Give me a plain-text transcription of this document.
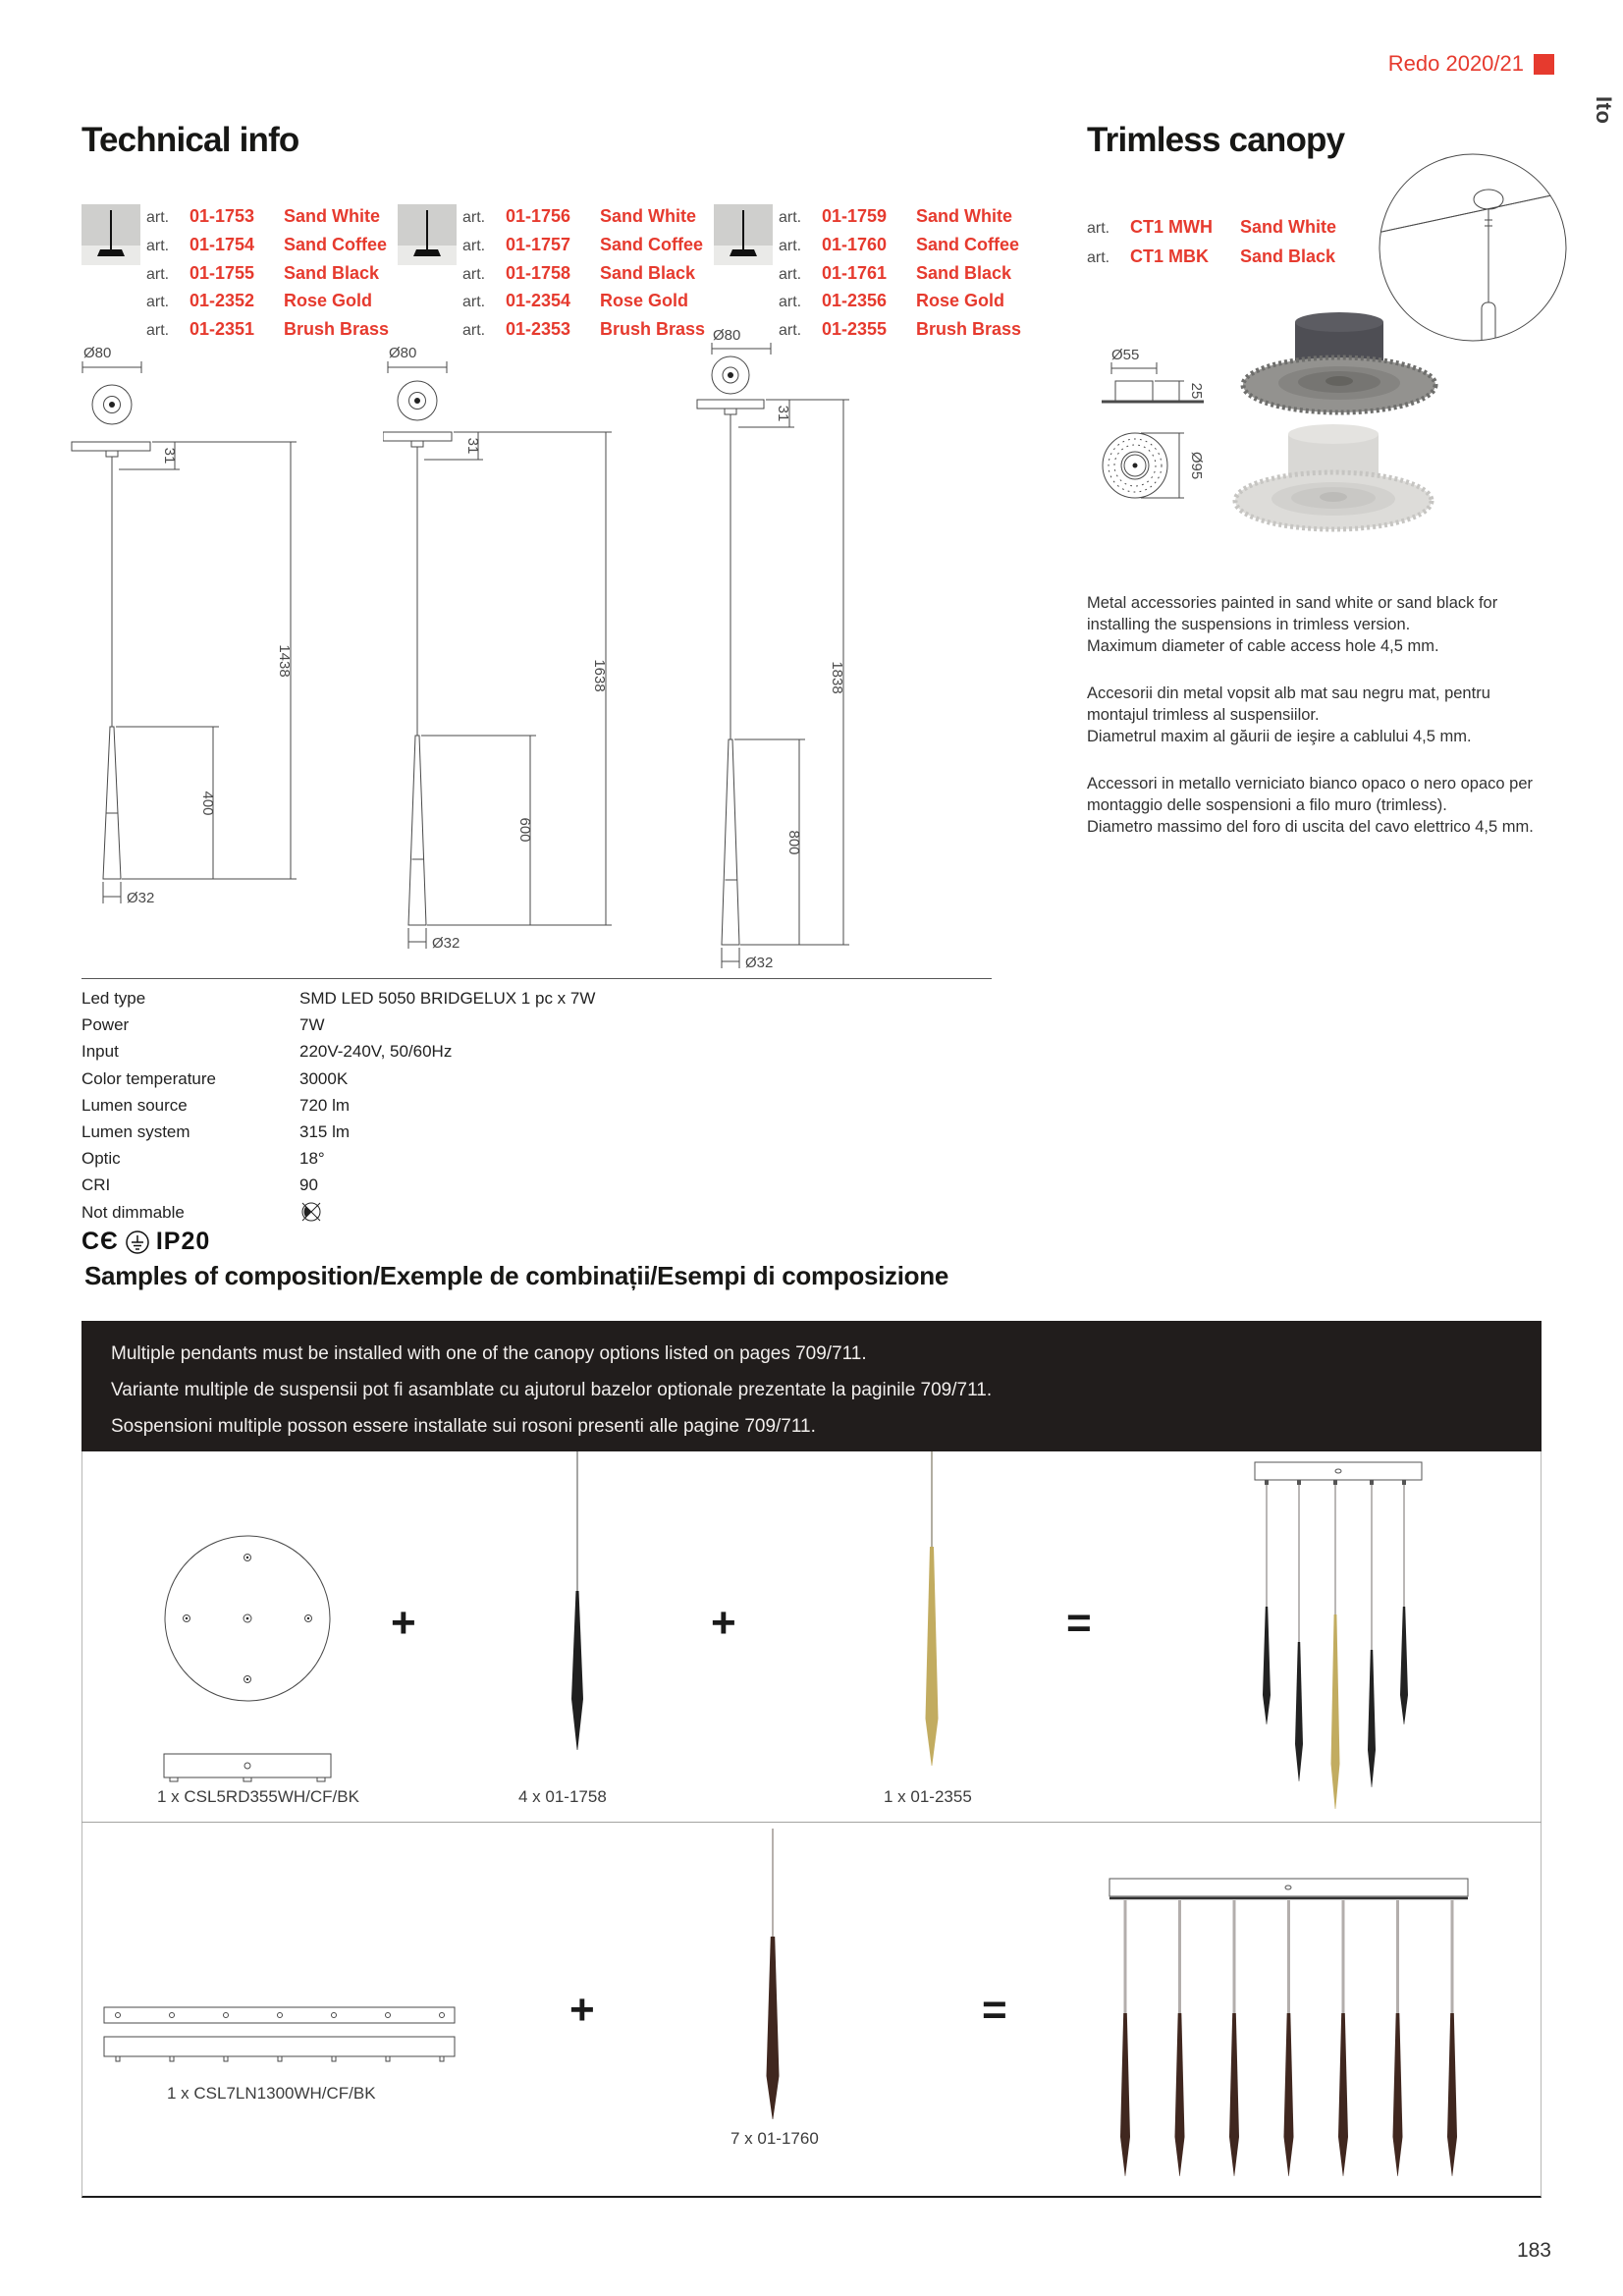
Redo 2020/21
Ito
Technical info	Trimless canopy
art. 01-1753 Sand White
art. 01-1754 Sand Coffee
art. 01-1755 Sand Black
art. 01-2352 Rose Gold
art. 01-2351 Brush Brass
art. 01-1756 Sand White
art. 01-1757 Sand Coffee
art. 01-1758 Sand Black
art. 01-2354 Rose Gold
art. 01-2353 Brush Brass
art. 01-1759 Sand White
art. 01-1760 Sand Coffee
art. 01-1761 Sand Black
art. 01-2356 Rose Gold
art. 01-2355 Brush Brass
art. CT1 MWH Sand White
art. CT1 MBK Sand Black
Ø55
25
Ø95
Metal accessories painted in sand white or sand black for
installing the suspensions in trimless version.
Maximum diameter of cable access hole 4,5 mm.
Accesorii din metal vopsit alb mat sau negru mat, pentru
montajul trimless al suspensiilor.
Diametrul maxim al găurii de ieşire a cablului 4,5 mm.
Accessori in metallo verniciato bianco opaco o nero opaco per
montaggio delle sospensioni a filo muro (trimless).
Diametro massimo del foro di uscita del cavo elettrico 4,5 mm.
Ø80
31
1438
400
Ø32
Ø80
31
1638
600
Ø32
Ø80
31
1838
800
Ø32
Led type	SMD LED 5050 BRIDGELUX 1 pc x 7W
Power	7W
Input	220V-240V, 50/60Hz
Color temperature	3000K
Lumen source	720 lm
Lumen system	315 lm
Optic	18°
CRI	90
Not dimmable
CЄ IP20
Samples of composition/Exemple de combinații/Esempi di composizione
Multiple pendants must be installed with one of the canopy options listed on pages 709/711.
Variante multiple de suspensii pot fi asamblate cu ajutorul bazelor optionale prezentate la paginile 709/711.
Sospensioni multiple posson essere installate sui rosoni presenti alle pagine 709/711.
+	+	=
1 x CSL5RD355WH/CF/BK	4 x 01-1758	1 x 01-2355
1 x CSL7LN1300WH/CF/BK
+
7 x 01-1760
=
183
